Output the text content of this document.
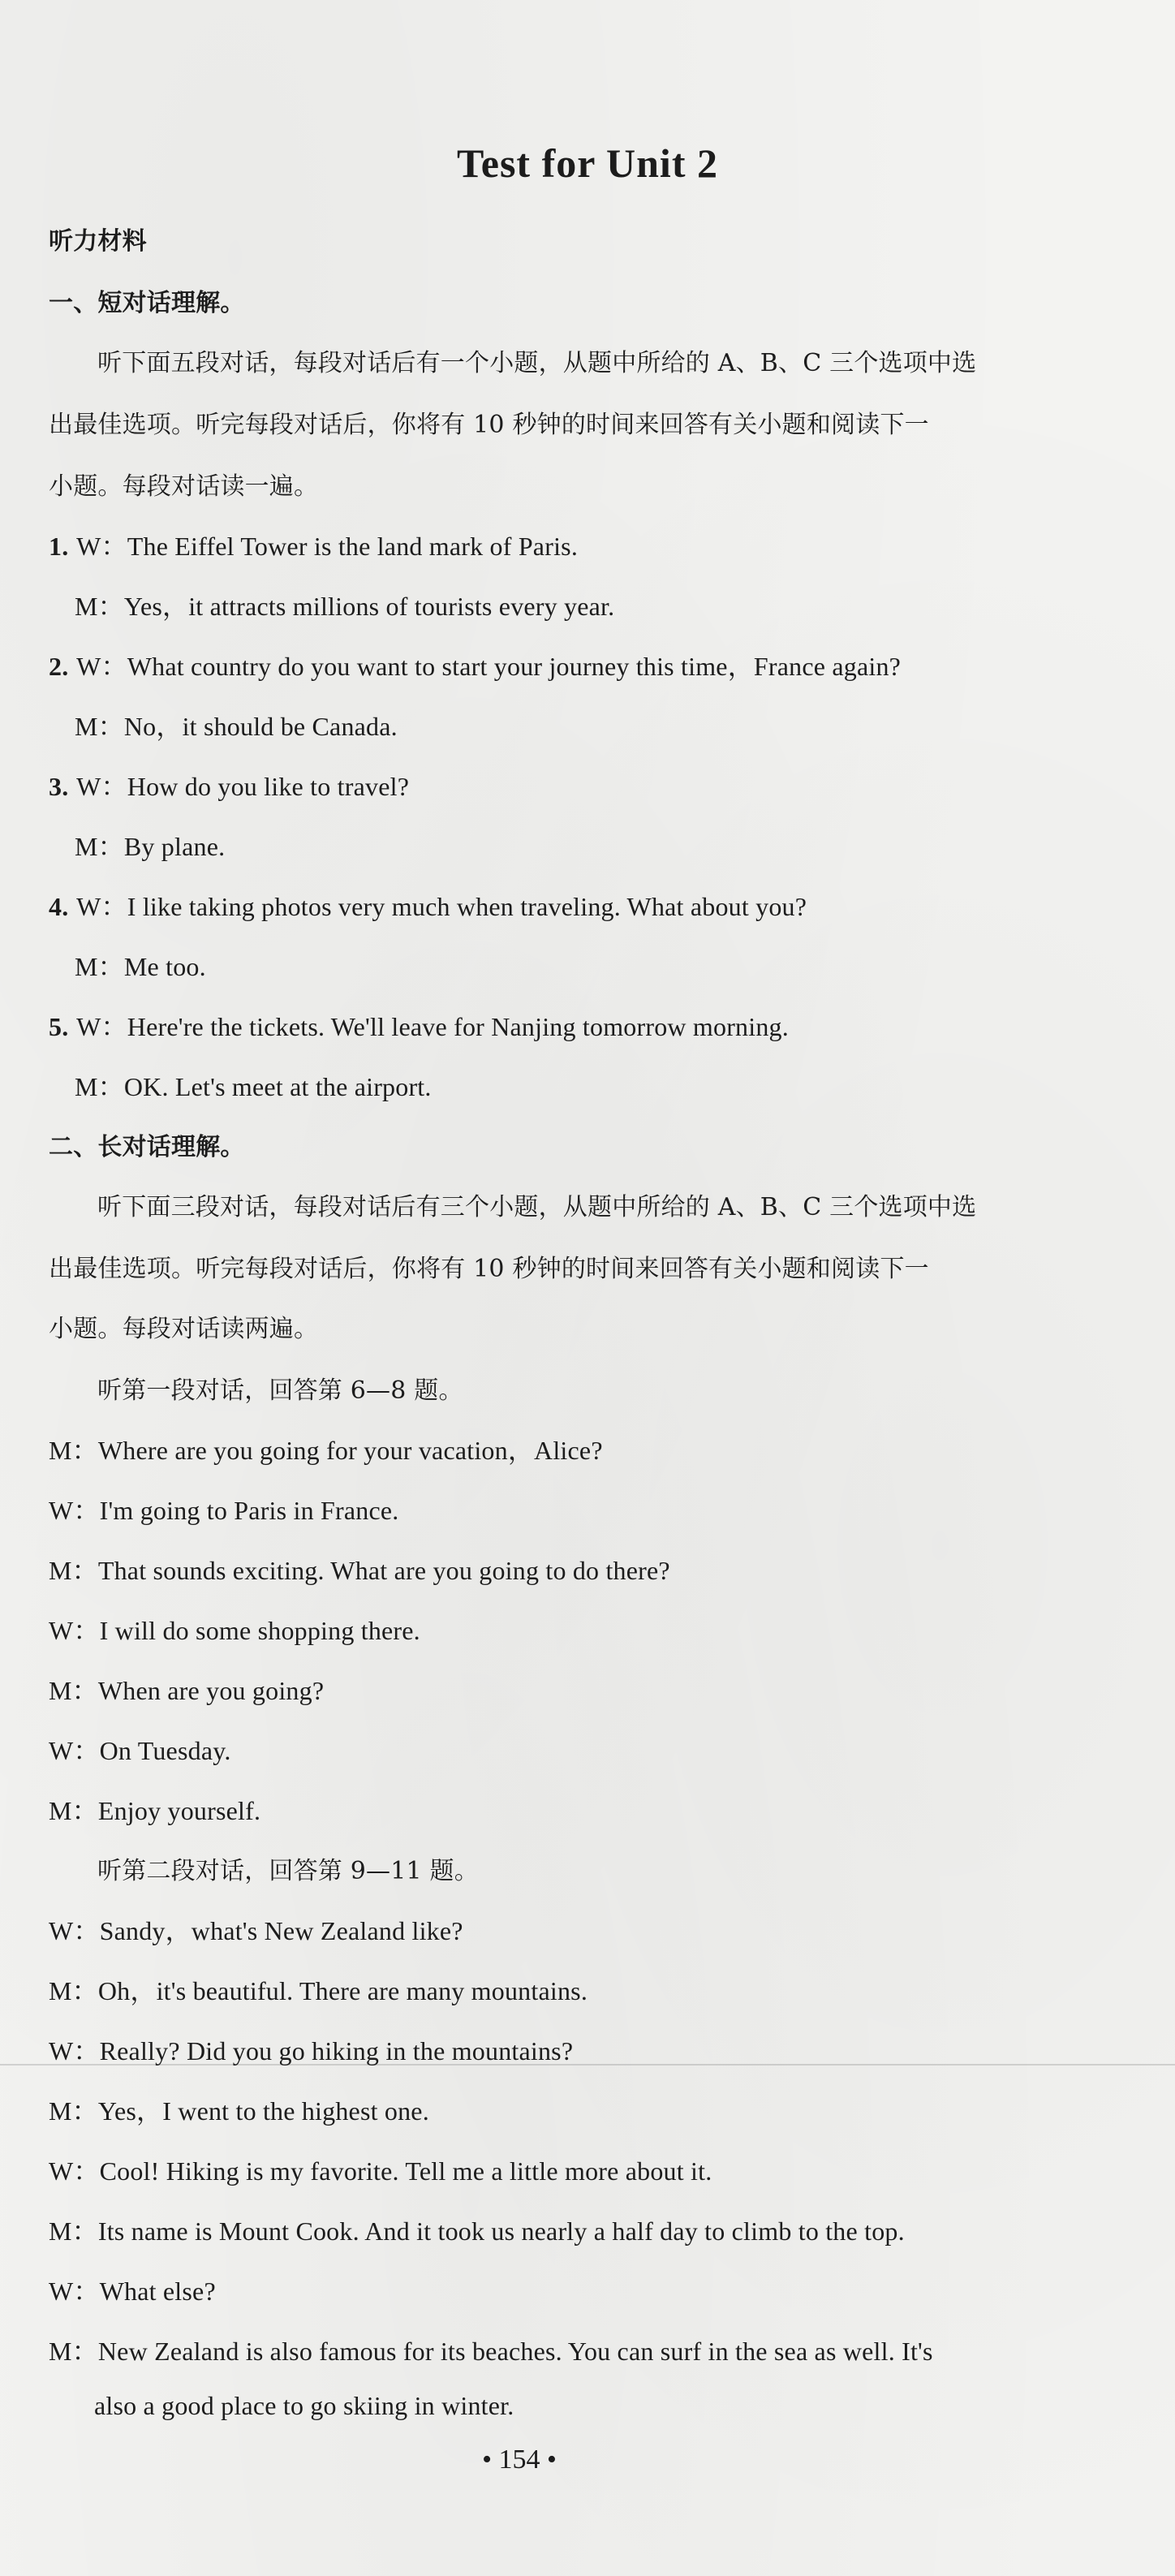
Test for Unit 2
听力材料
一、短对话理解。
听下面五段对话，每段对话后有一个小题，从题中所给的 A、B、C 三个选项中选
出最佳选项。听完每段对话后，你将有 10 秒钟的时间来回答有关小题和阅读下一
小题。每段对话读一遍。
1. W：The Eiffel Tower is the land mark of Paris.
M：Yes，it attracts millions of tourists every year.
2. W：What country do you want to start your journey this time，France again?
M：No，it should be Canada.
3. W：How do you like to travel?
M：By plane.
4. W：I like taking photos very much when traveling. What about you?
M：Me too.
5. W：Here're the tickets. We'll leave for Nanjing tomorrow morning.
M：OK. Let's meet at the airport.
二、长对话理解。
听下面三段对话，每段对话后有三个小题，从题中所给的 A、B、C 三个选项中选
出最佳选项。听完每段对话后，你将有 10 秒钟的时间来回答有关小题和阅读下一
小题。每段对话读两遍。
听第一段对话，回答第 6—8 题。
M：Where are you going for your vacation，Alice?
W：I'm going to Paris in France.
M：That sounds exciting. What are you going to do there?
W：I will do some shopping there.
M：When are you going?
W：On Tuesday.
M：Enjoy yourself.
听第二段对话，回答第 9—11 题。
W：Sandy，what's New Zealand like?
M：Oh，it's beautiful. There are many mountains.
W：Really? Did you go hiking in the mountains?
M：Yes，I went to the highest one.
W：Cool! Hiking is my favorite. Tell me a little more about it.
M：Its name is Mount Cook. And it took us nearly a half day to climb to the top.
W：What else?
M：New Zealand is also famous for its beaches. You can surf in the sea as well. It's
also a good place to go skiing in winter.
• 154 •
